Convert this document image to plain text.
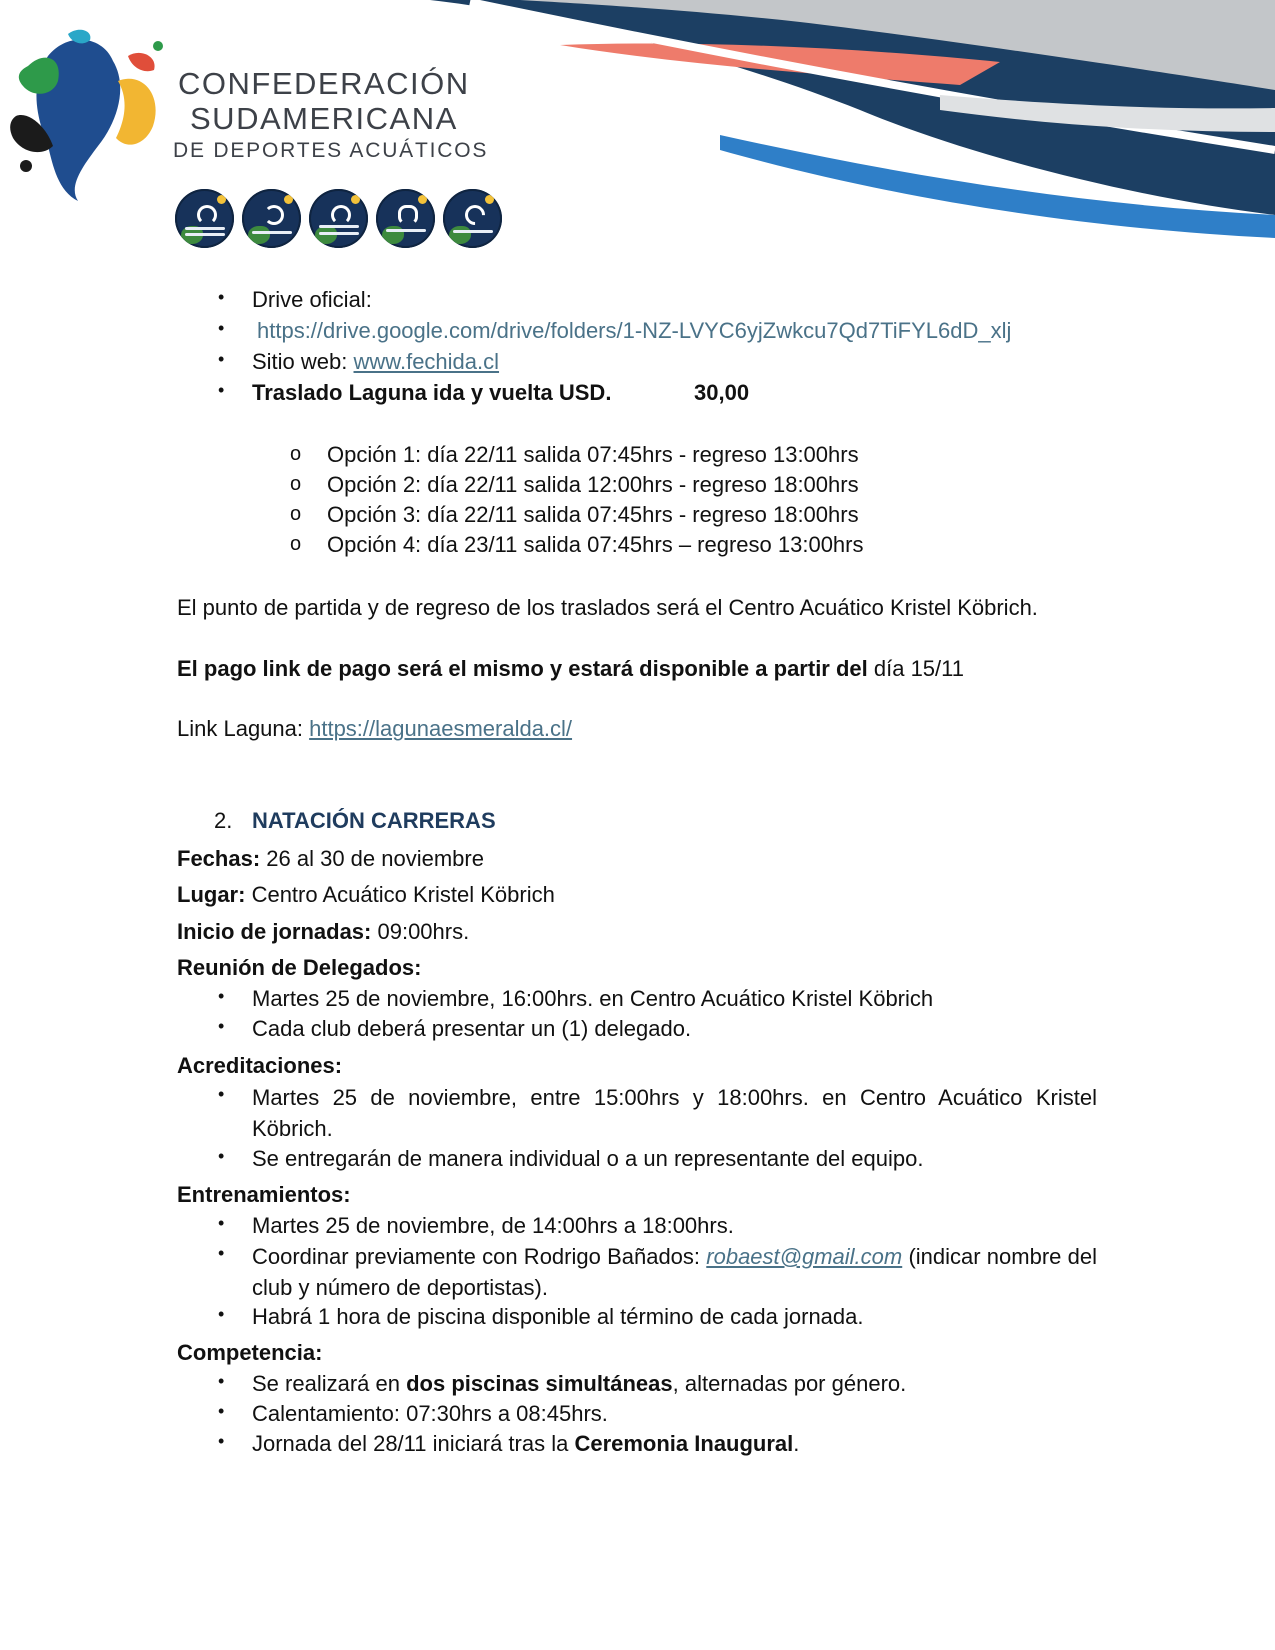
CONFEDERACIÓN
SUDAMERICANA
DE DEPORTES ACUÁTICOS
•
Drive oficial:
•
https://drive.google.com/drive/folders/1-NZ-LVYC6yjZwkcu7Qd7TiFYL6dD_xlj
•
Sitio web: www.fechida.cl
•
Traslado Laguna ida y vuelta USD.	30,00
o
Opción 1: día 22/11 salida 07:45hrs - regreso 13:00hrs
o
Opción 2: día 22/11 salida 12:00hrs - regreso 18:00hrs
o
Opción 3: día 22/11 salida 07:45hrs - regreso 18:00hrs
o
Opción 4: día 23/11 salida 07:45hrs – regreso 13:00hrs
El punto de partida y de regreso de los traslados será el Centro Acuático Kristel Köbrich.
El pago link de pago será el mismo y estará disponible a partir del día 15/11
Link Laguna: https://lagunaesmeralda.cl/
2. NATACIÓN CARRERAS
Fechas: 26 al 30 de noviembre
Lugar: Centro Acuático Kristel Köbrich
Inicio de jornadas: 09:00hrs.
Reunión de Delegados:
•
Martes 25 de noviembre, 16:00hrs. en Centro Acuático Kristel Köbrich
•
Cada club deberá presentar un (1) delegado.
Acreditaciones:
•
Martes 25 de noviembre, entre 15:00hrs y 18:00hrs. en Centro Acuático Kristel Köbrich.
•
Se entregarán de manera individual o a un representante del equipo.
Entrenamientos:
•
Martes 25 de noviembre, de 14:00hrs a 18:00hrs.
•
Coordinar previamente con Rodrigo Bañados: robaest@gmail.com (indicar nombre del club y número de deportistas).
•
Habrá 1 hora de piscina disponible al término de cada jornada.
Competencia:
•
Se realizará en dos piscinas simultáneas, alternadas por género.
•
Calentamiento: 07:30hrs a 08:45hrs.
•
Jornada del 28/11 iniciará tras la Ceremonia Inaugural.
